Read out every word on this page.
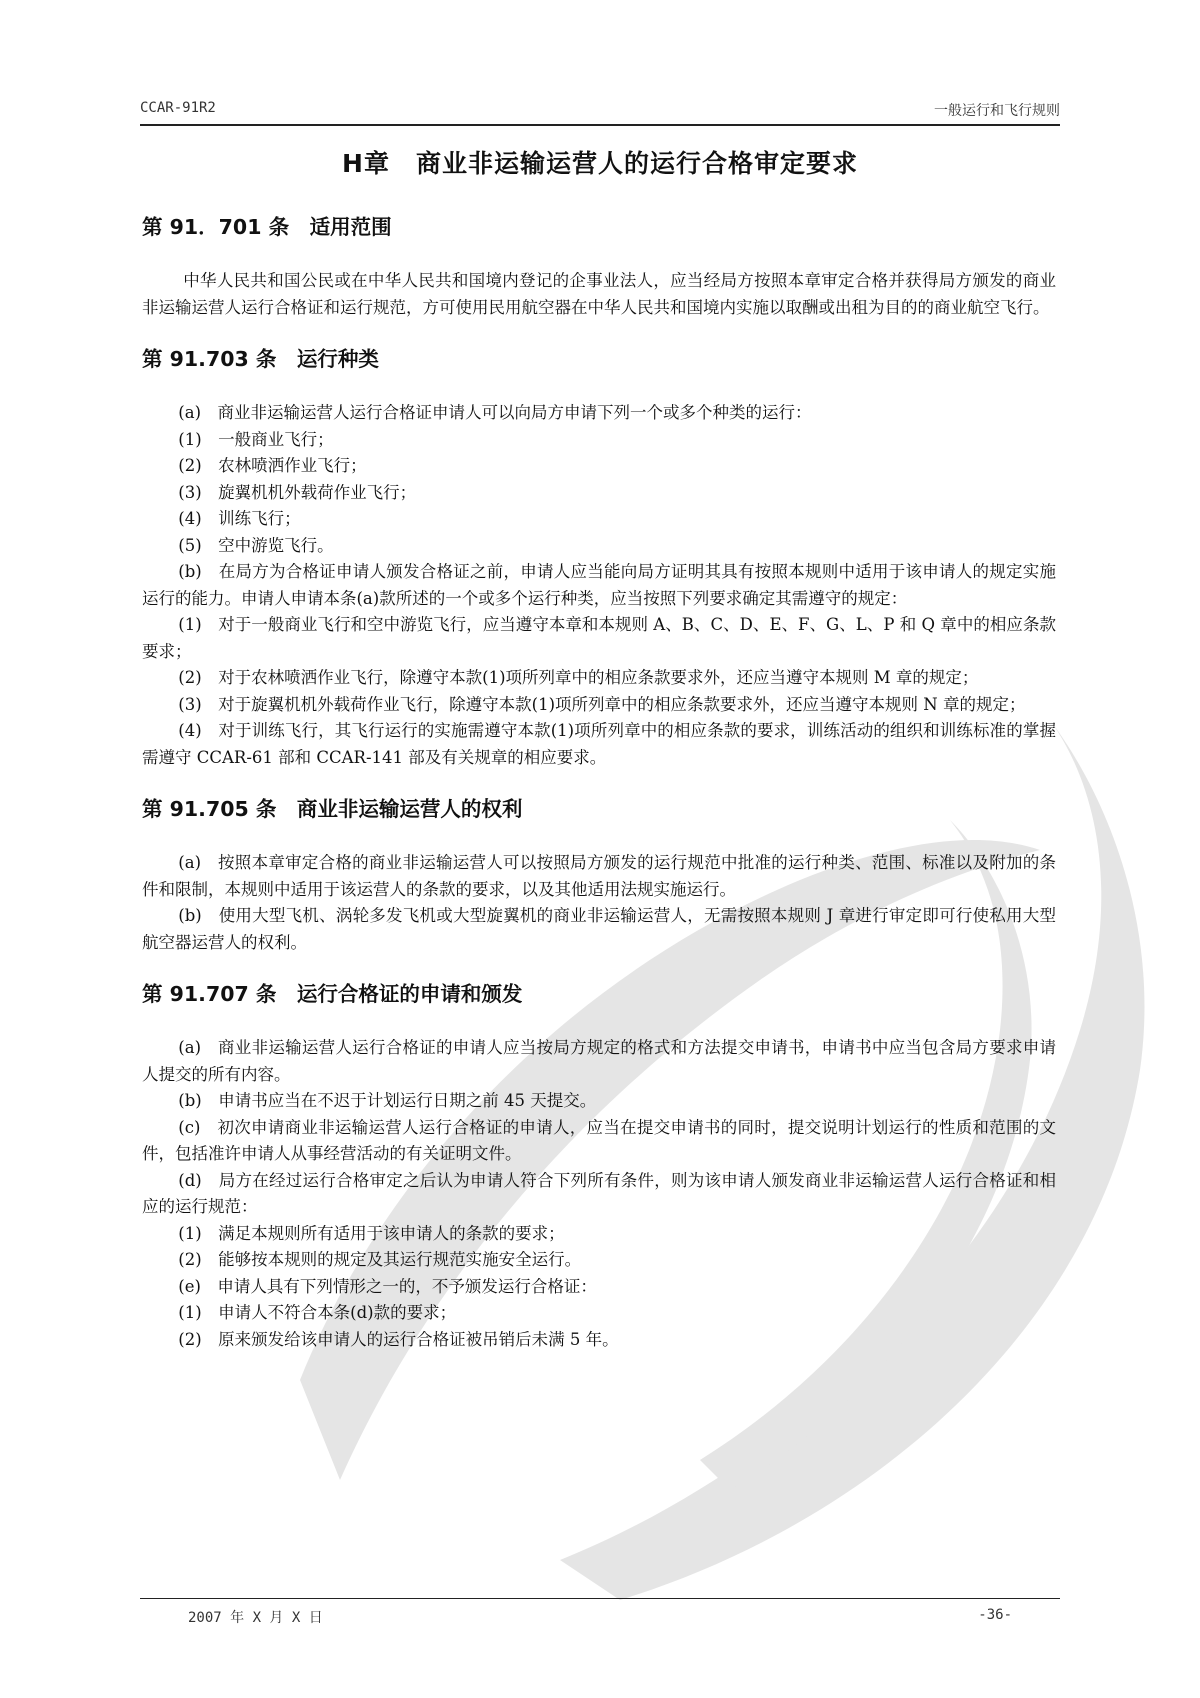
CCAR-91R2	一般运行和飞行规则
H章　商业非运输运营人的运行合格审定要求
第 91．701 条　适用范围

中华人民共和国公民或在中华人民共和国境内登记的企事业法人，应当经局方按照本章审定合格并获得局方颁发的商业非运输运营人运行合格证和运行规范，方可使用民用航空器在中华人民共和国境内实施以取酬或出租为目的的商业航空飞行。

第 91.703 条　运行种类

(a)　商业非运输运营人运行合格证申请人可以向局方申请下列一个或多个种类的运行：

(1)　一般商业飞行；

(2)　农林喷洒作业飞行；

(3)　旋翼机机外载荷作业飞行；

(4)　训练飞行；

(5)　空中游览飞行。

(b)　在局方为合格证申请人颁发合格证之前，申请人应当能向局方证明其具有按照本规则中适用于该申请人的规定实施运行的能力。申请人申请本条(a)款所述的一个或多个运行种类，应当按照下列要求确定其需遵守的规定：

(1)　对于一般商业飞行和空中游览飞行，应当遵守本章和本规则 A、B、C、D、E、F、G、L、P 和 Q 章中的相应条款要求；

(2)　对于农林喷洒作业飞行，除遵守本款(1)项所列章中的相应条款要求外，还应当遵守本规则 M 章的规定；

(3)　对于旋翼机机外载荷作业飞行，除遵守本款(1)项所列章中的相应条款要求外，还应当遵守本规则 N 章的规定；

(4)　对于训练飞行，其飞行运行的实施需遵守本款(1)项所列章中的相应条款的要求，训练活动的组织和训练标准的掌握需遵守 CCAR-61 部和 CCAR-141 部及有关规章的相应要求。

第 91.705 条　商业非运输运营人的权利

(a)　按照本章审定合格的商业非运输运营人可以按照局方颁发的运行规范中批准的运行种类、范围、标准以及附加的条件和限制，本规则中适用于该运营人的条款的要求，以及其他适用法规实施运行。

(b)　使用大型飞机、涡轮多发飞机或大型旋翼机的商业非运输运营人，无需按照本规则 J 章进行审定即可行使私用大型航空器运营人的权利。

第 91.707 条　运行合格证的申请和颁发

(a)　商业非运输运营人运行合格证的申请人应当按局方规定的格式和方法提交申请书，申请书中应当包含局方要求申请人提交的所有内容。

(b)　申请书应当在不迟于计划运行日期之前 45 天提交。

(c)　初次申请商业非运输运营人运行合格证的申请人，应当在提交申请书的同时，提交说明计划运行的性质和范围的文件，包括准许申请人从事经营活动的有关证明文件。

(d)　局方在经过运行合格审定之后认为申请人符合下列所有条件，则为该申请人颁发商业非运输运营人运行合格证和相应的运行规范：

(1)　满足本规则所有适用于该申请人的条款的要求；

(2)　能够按本规则的规定及其运行规范实施安全运行。

(e)　申请人具有下列情形之一的，不予颁发运行合格证：

(1)　申请人不符合本条(d)款的要求；

(2)　原来颁发给该申请人的运行合格证被吊销后未满 5 年。

2007 年 X 月 X 日	-36-
